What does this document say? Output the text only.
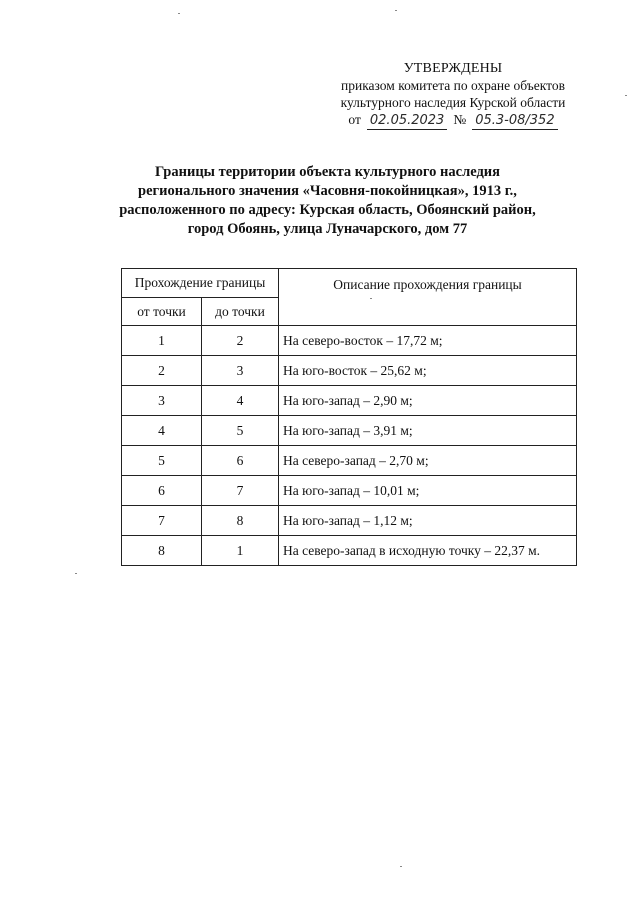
УТВЕРЖДЕНЫ
приказом комитета по охране объектов
культурного наследия Курской области
от 02.05.2023 № 05.3-08/352
Границы территории объекта культурного наследия
регионального значения «Часовня-покойницкая», 1913 г.,
расположенного по адресу: Курская область, Обоянский район,
город Обоянь, улица Луначарского, дом 77
Прохождение границы		Описание прохождения границы
от точки	до точки	
1	2	На северо-восток – 17,72 м;
2	3	На юго-восток – 25,62 м;
3	4	На юго-запад – 2,90 м;
4	5	На юго-запад – 3,91 м;
5	6	На северо-запад – 2,70 м;
6	7	На юго-запад – 10,01 м;
7	8	На юго-запад – 1,12 м;
8	1	На северо-запад в исходную точку – 22,37 м.
